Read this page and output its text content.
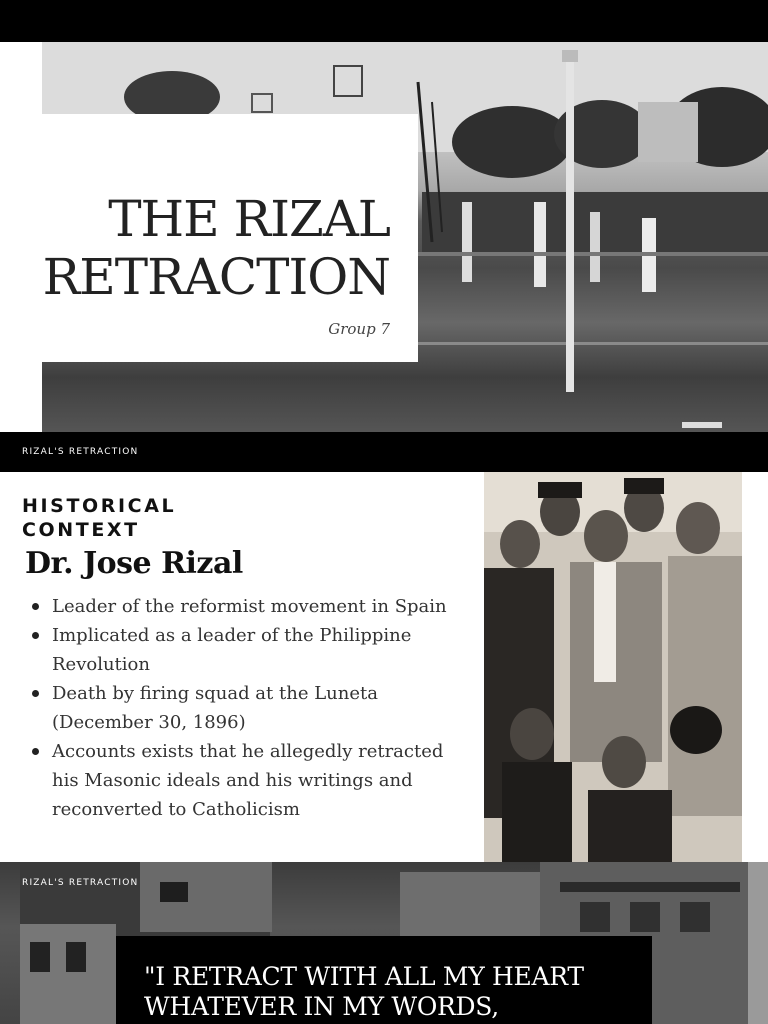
THE RIZAL
RETRACTION
Group 7
RIZAL'S RETRACTION
HISTORICAL
CONTEXT
Dr. Jose Rizal
Leader of the reformist movement in Spain
Implicated as a leader of the Philippine Revolution
Death by firing squad at the Luneta (December 30, 1896)
Accounts exists that he allegedly retracted his Masonic ideals and his writings and reconverted to Catholicism
RIZAL'S RETRACTION
"I RETRACT WITH ALL MY HEART
WHATEVER IN MY WORDS,
